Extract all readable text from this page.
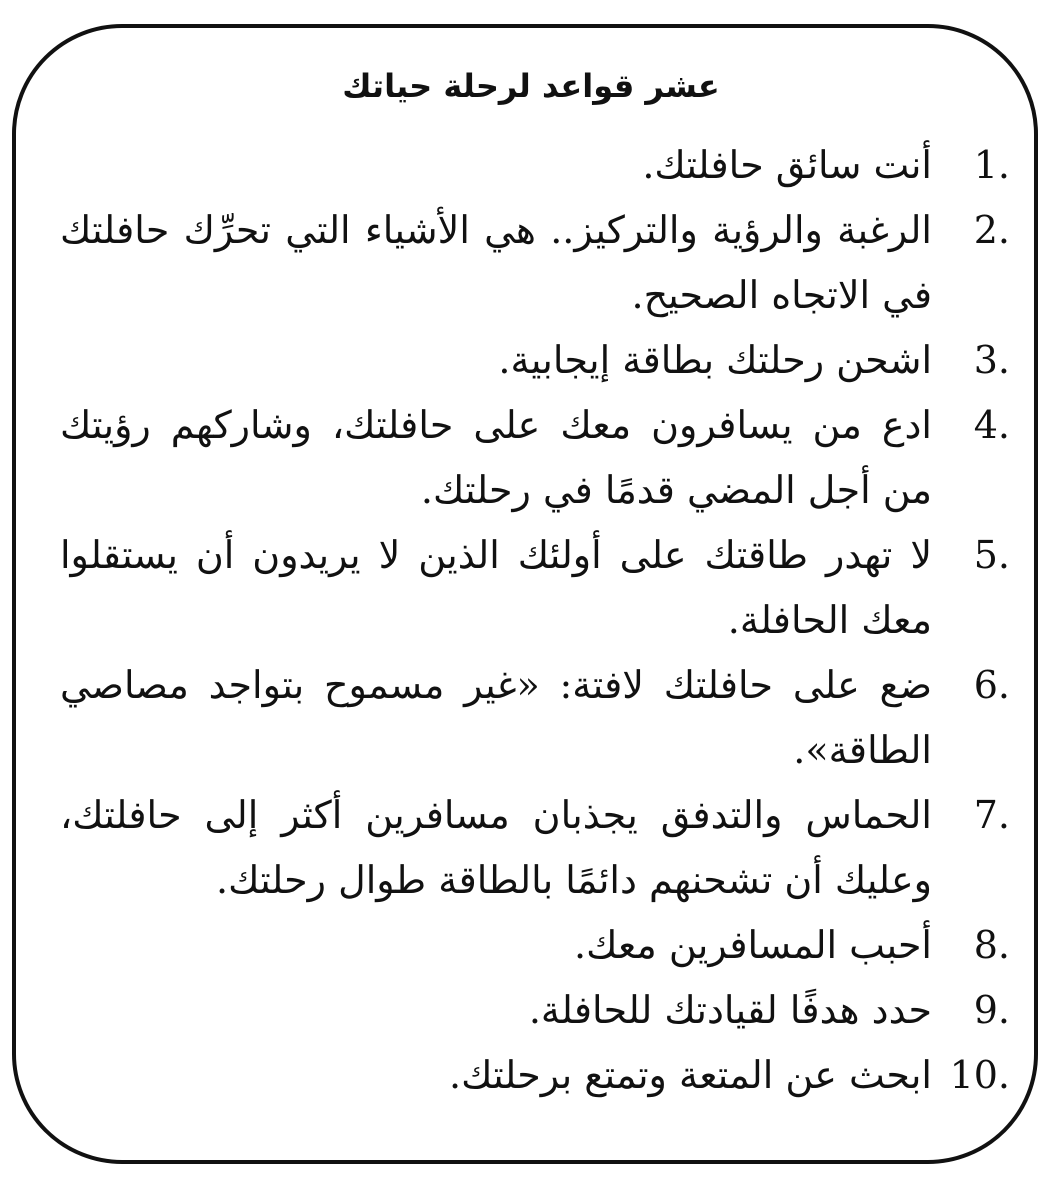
عشر قواعد لرحلة حياتك
1.
أنت سائق حافلتك.
2.
الرغبة والرؤية والتركيز.. هي الأشياء التي تحرِّك حافلتك في الاتجاه الصحيح.
3.
اشحن رحلتك بطاقة إيجابية.
4.
ادع من يسافرون معك على حافلتك، وشاركهم رؤيتك من أجل المضي قدمًا في رحلتك.
5.
لا تهدر طاقتك على أولئك الذين لا يريدون أن يستقلوا معك الحافلة.
6.
ضع على حافلتك لافتة: «غير مسموح بتواجد مصاصي الطاقة».
7.
الحماس والتدفق يجذبان مسافرين أكثر إلى حافلتك، وعليك أن تشحنهم دائمًا بالطاقة طوال رحلتك.
8.
أحبب المسافرين معك.
9.
حدد هدفًا لقيادتك للحافلة.
10.
ابحث عن المتعة وتمتع برحلتك.
